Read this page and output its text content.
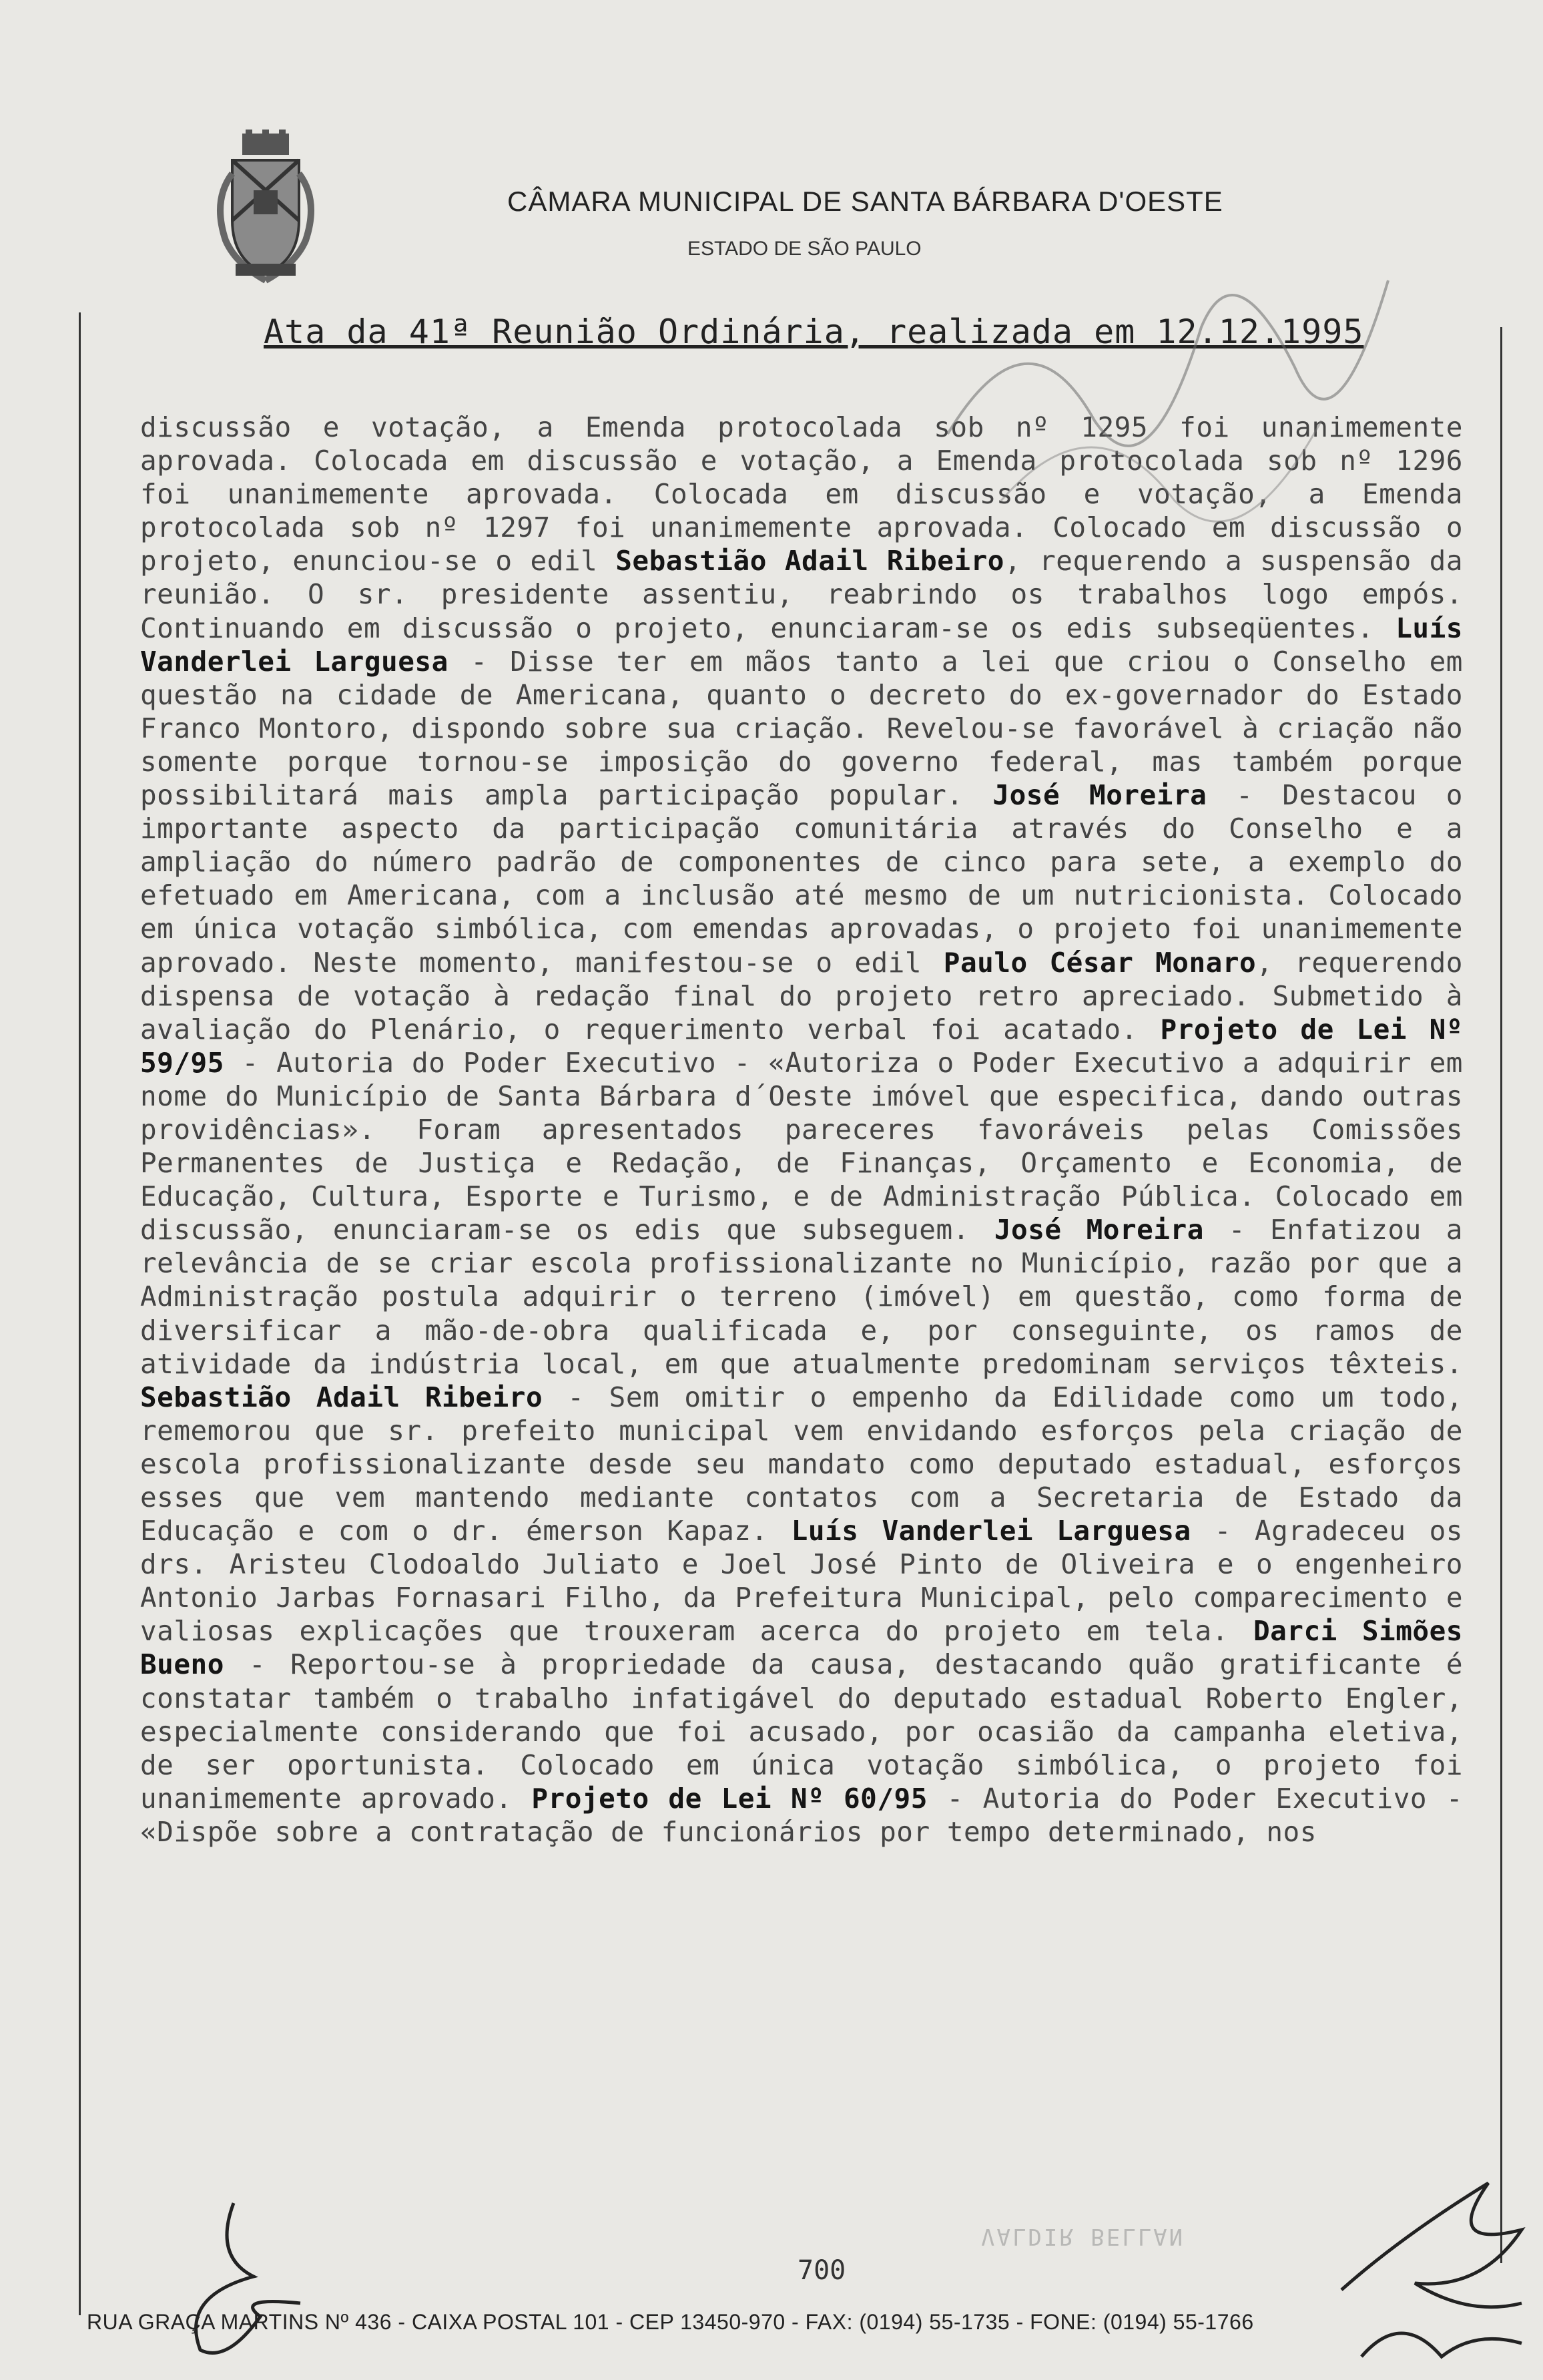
CÂMARA MUNICIPAL DE SANTA BÁRBARA D'OESTE
ESTADO DE SÃO PAULO
Ata da 41ª Reunião Ordinária, realizada em 12.12.1995
discussão e votação, a Emenda protocolada sob nº 1295 foi unanimemente aprovada. Colocada em discussão e votação, a Emenda protocolada sob nº 1296 foi unanimemente aprovada. Colocada em discussão e votação, a Emenda protocolada sob nº 1297 foi unanimemente aprovada. Colocado em discussão o projeto, enunciou-se o edil Sebastião Adail Ribeiro, requerendo a suspensão da reunião. O sr. presidente assentiu, reabrindo os trabalhos logo empós. Continuando em discussão o projeto, enunciaram-se os edis subseqüentes. Luís Vanderlei Larguesa - Disse ter em mãos tanto a lei que criou o Conselho em questão na cidade de Americana, quanto o decreto do ex-governador do Estado Franco Montoro, dispondo sobre sua criação. Revelou-se favorável à criação não somente porque tornou-se imposição do governo federal, mas também porque possibilitará mais ampla participação popular. José Moreira - Destacou o importante aspecto da participação comunitária através do Conselho e a ampliação do número padrão de componentes de cinco para sete, a exemplo do efetuado em Americana, com a inclusão até mesmo de um nutricionista. Colocado em única votação simbólica, com emendas aprovadas, o projeto foi unanimemente aprovado. Neste momento, manifestou-se o edil Paulo César Monaro, requerendo dispensa de votação à redação final do projeto retro apreciado. Submetido à avaliação do Plenário, o requerimento verbal foi acatado. Projeto de Lei Nº 59/95 - Autoria do Poder Executivo - «Autoriza o Poder Executivo a adquirir em nome do Município de Santa Bárbara d´Oeste imóvel que especifica, dando outras providências». Foram apresentados pareceres favoráveis pelas Comissões Permanentes de Justiça e Redação, de Finanças, Orçamento e Economia, de Educação, Cultura, Esporte e Turismo, e de Administração Pública. Colocado em discussão, enunciaram-se os edis que subseguem. José Moreira - Enfatizou a relevância de se criar escola profissionalizante no Município, razão por que a Administração postula adquirir o terreno (imóvel) em questão, como forma de diversificar a mão-de-obra qualificada e, por conseguinte, os ramos de atividade da indústria local, em que atualmente predominam serviços têxteis. Sebastião Adail Ribeiro - Sem omitir o empenho da Edilidade como um todo, rememorou que sr. prefeito municipal vem envidando esforços pela criação de escola profissionalizante desde seu mandato como deputado estadual, esforços esses que vem mantendo mediante contatos com a Secretaria de Estado da Educação e com o dr. émerson Kapaz. Luís Vanderlei Larguesa - Agradeceu os drs. Aristeu Clodoaldo Juliato e Joel José Pinto de Oliveira e o engenheiro Antonio Jarbas Fornasari Filho, da Prefeitura Municipal, pelo comparecimento e valiosas explicações que trouxeram acerca do projeto em tela. Darci Simões Bueno - Reportou-se à propriedade da causa, destacando quão gratificante é constatar também o trabalho infatigável do deputado estadual Roberto Engler, especialmente considerando que foi acusado, por ocasião da campanha eletiva, de ser oportunista. Colocado em única votação simbólica, o projeto foi unanimemente aprovado. Projeto de Lei Nº 60/95 - Autoria do Poder Executivo - «Dispõe sobre a contratação de funcionários por tempo determinado, nos
VALDIR BELLAN
700
RUA GRAÇA MARTINS Nº 436 - CAIXA POSTAL 101 - CEP 13450-970 - FAX: (0194) 55-1735 - FONE: (0194) 55-1766
